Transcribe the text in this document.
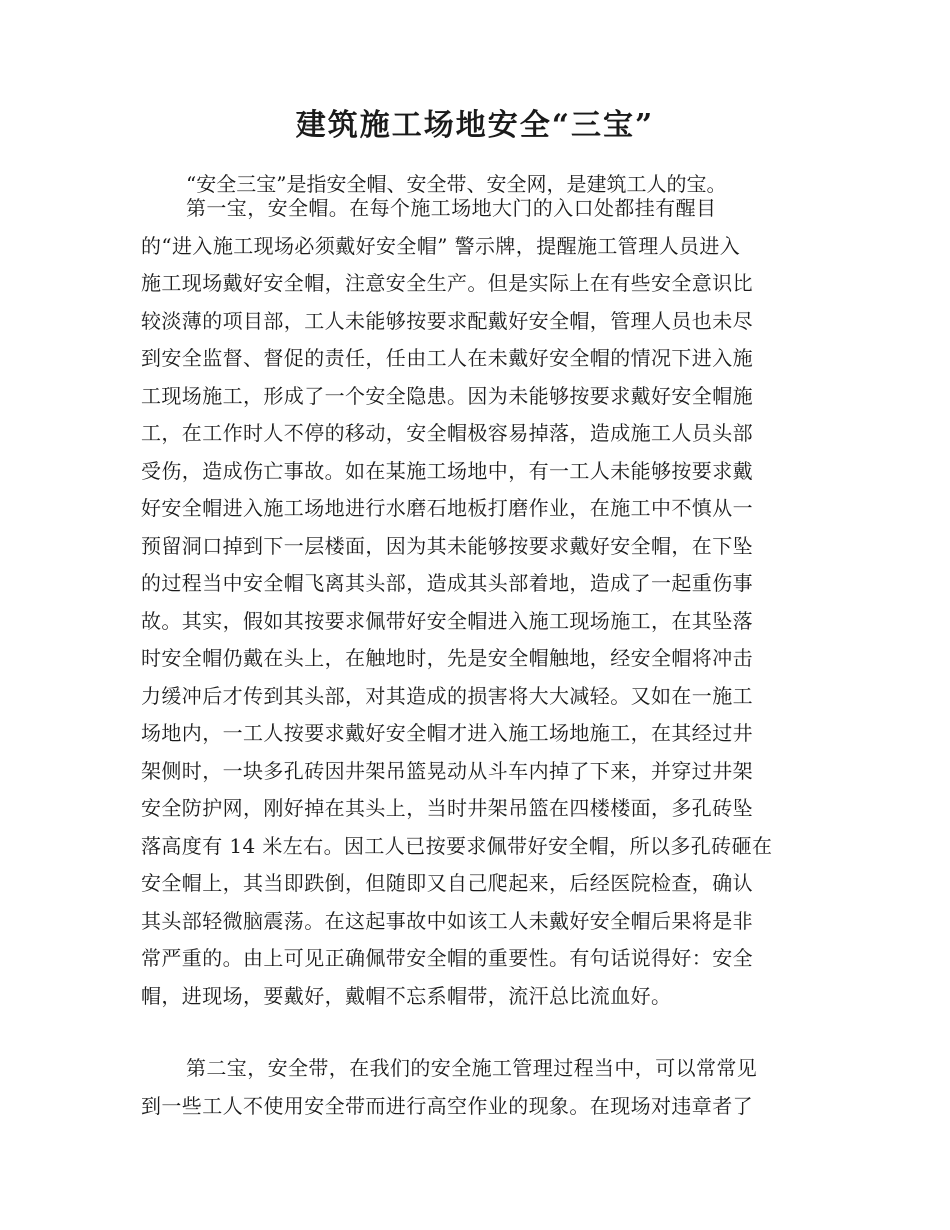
建筑施工场地安全“三宝”

“安全三宝”是指安全帽、安全带、安全网，是建筑工人的宝。

第一宝，安全帽。在每个施工场地大门的入口处都挂有醒目
的“进入施工现场必须戴好安全帽” 警示牌，提醒施工管理人员进入
施工现场戴好安全帽，注意安全生产。但是实际上在有些安全意识比
较淡薄的项目部，工人未能够按要求配戴好安全帽，管理人员也未尽
到安全监督、督促的责任，任由工人在未戴好安全帽的情况下进入施
工现场施工，形成了一个安全隐患。因为未能够按要求戴好安全帽施
工，在工作时人不停的移动，安全帽极容易掉落，造成施工人员头部
受伤，造成伤亡事故。如在某施工场地中，有一工人未能够按要求戴
好安全帽进入施工场地进行水磨石地板打磨作业，在施工中不慎从一
预留洞口掉到下一层楼面，因为其未能够按要求戴好安全帽，在下坠
的过程当中安全帽飞离其头部，造成其头部着地，造成了一起重伤事
故。其实，假如其按要求佩带好安全帽进入施工现场施工，在其坠落
时安全帽仍戴在头上，在触地时，先是安全帽触地，经安全帽将冲击
力缓冲后才传到其头部，对其造成的损害将大大减轻。又如在一施工
场地内，一工人按要求戴好安全帽才进入施工场地施工，在其经过井
架侧时，一块多孔砖因井架吊篮晃动从斗车内掉了下来，并穿过井架
安全防护网，刚好掉在其头上，当时井架吊篮在四楼楼面，多孔砖坠
落高度有 14 米左右。因工人已按要求佩带好安全帽，所以多孔砖砸在
安全帽上，其当即跌倒，但随即又自己爬起来，后经医院检查，确认
其头部轻微脑震荡。在这起事故中如该工人未戴好安全帽后果将是非
常严重的。由上可见正确佩带安全帽的重要性。有句话说得好：安全
帽，进现场，要戴好，戴帽不忘系帽带，流汗总比流血好。
第二宝，安全带，在我们的安全施工管理过程当中，可以常常见
到一些工人不使用安全带而进行高空作业的现象。在现场对违章者了
